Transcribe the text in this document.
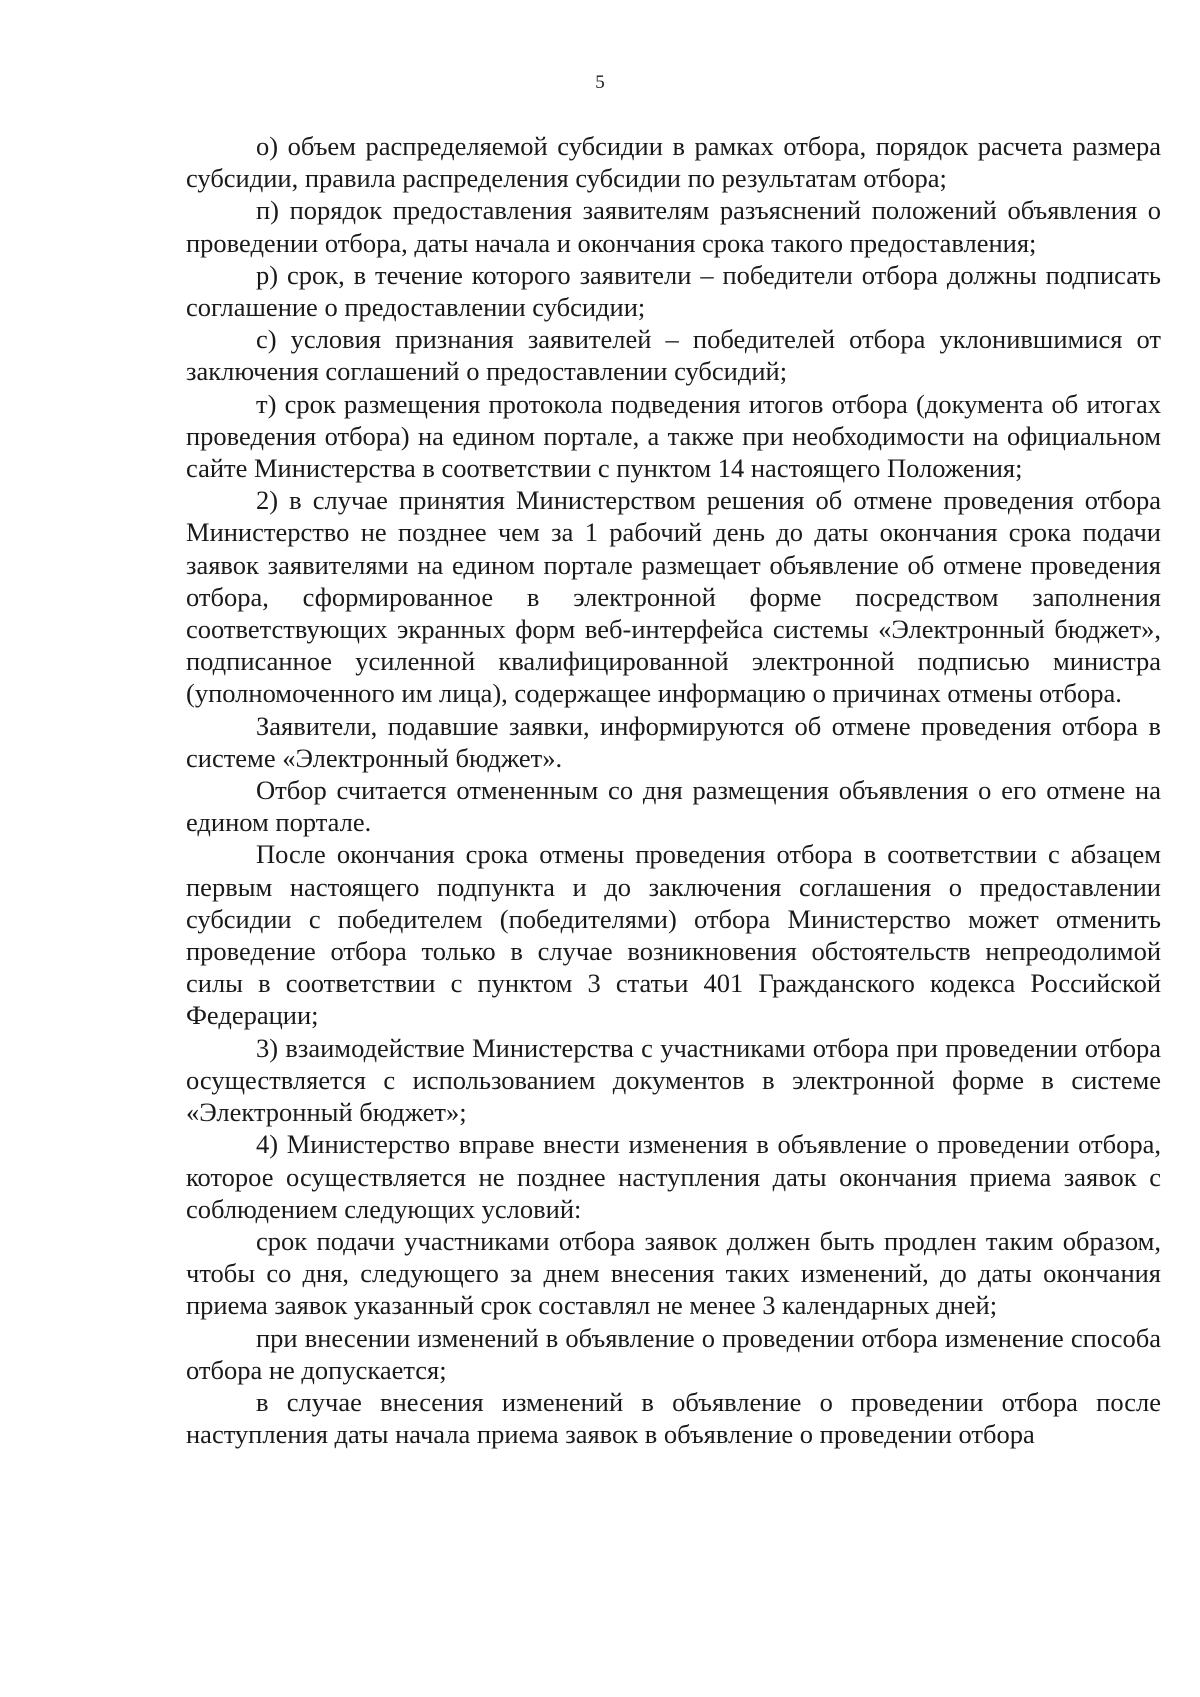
5

о) объем распределяемой субсидии в рамках отбора, порядок расчета размера субсидии, правила распределения субсидии по результатам отбора;

п) порядок предоставления заявителям разъяснений положений объявления о проведении отбора, даты начала и окончания срока такого предоставления;

р) срок, в течение которого заявители – победители отбора должны подписать соглашение о предоставлении субсидии;

с) условия признания заявителей – победителей отбора уклонившимися от заключения соглашений о предоставлении субсидий;

т) срок размещения протокола подведения итогов отбора (документа об итогах проведения отбора) на едином портале, а также при необходимости на официальном сайте Министерства в соответствии с пунктом 14 настоящего Положения;

2) в случае принятия Министерством решения об отмене проведения отбора Министерство не позднее чем за 1 рабочий день до даты окончания срока подачи заявок заявителями на едином портале размещает объявление об отмене проведения отбора, сформированное в электронной форме посредством заполнения соответствующих экранных форм веб-интерфейса системы «Электронный бюджет», подписанное усиленной квалифицированной электронной подписью министра (уполномоченного им лица), содержащее информацию о причинах отмены отбора.

Заявители, подавшие заявки, информируются об отмене проведения отбора в системе «Электронный бюджет».

Отбор считается отмененным со дня размещения объявления о его отмене на едином портале.

После окончания срока отмены проведения отбора в соответствии с абзацем первым настоящего подпункта и до заключения соглашения о предоставлении субсидии с победителем (победителями) отбора Министерство может отменить проведение отбора только в случае возникновения обстоятельств непреодолимой силы в соответствии с пунктом 3 статьи 401 Гражданского кодекса Российской Федерации;

3) взаимодействие Министерства с участниками отбора при проведении отбора осуществляется с использованием документов в электронной форме в системе «Электронный бюджет»;

4) Министерство вправе внести изменения в объявление о проведении отбора, которое осуществляется не позднее наступления даты окончания приема заявок с соблюдением следующих условий:

срок подачи участниками отбора заявок должен быть продлен таким образом, чтобы со дня, следующего за днем внесения таких изменений, до даты окончания приема заявок указанный срок составлял не менее 3 календарных дней;

при внесении изменений в объявление о проведении отбора изменение способа отбора не допускается;

в случае внесения изменений в объявление о проведении отбора после наступления даты начала приема заявок в объявление о проведении отбора
